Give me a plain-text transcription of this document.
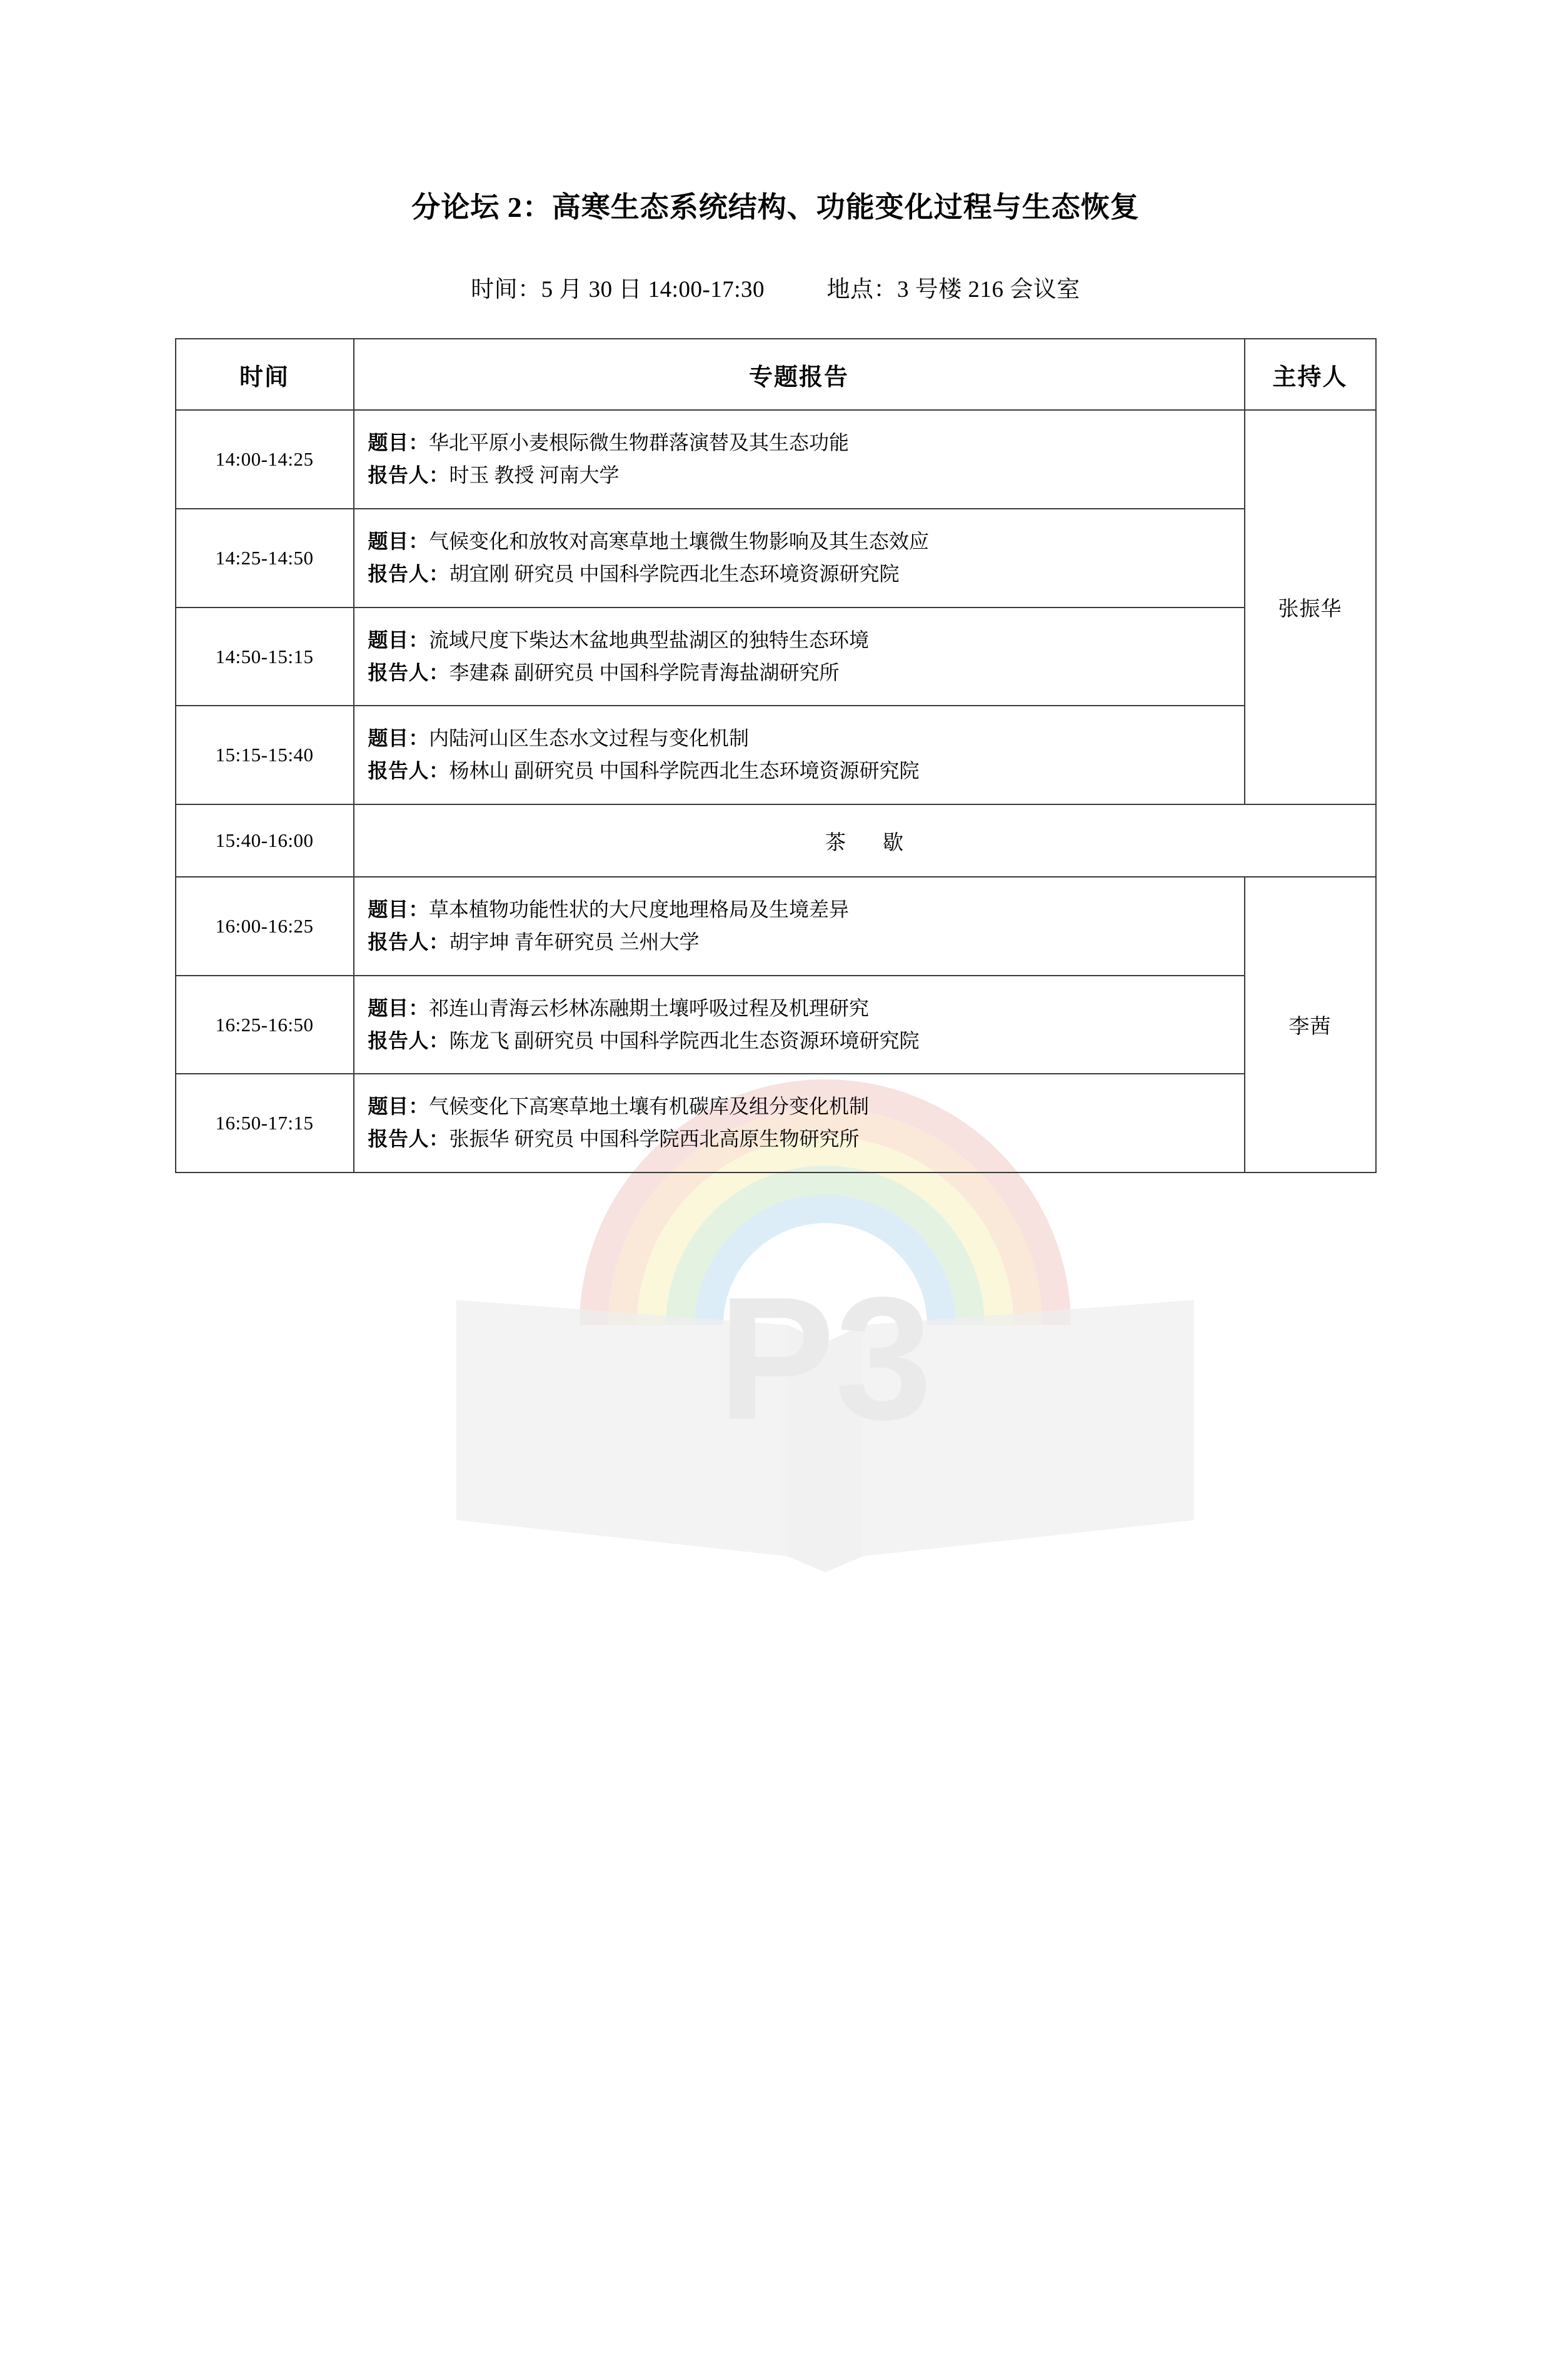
P3
分论坛 2：高寒生态系统结构、功能变化过程与生态恢复
时间：5 月 30 日 14:00-17:30	地点：3 号楼 216 会议室
时间	专题报告	主持人
14:00-14:25	题目：华北平原小麦根际微生物群落演替及其生态功能
报告人：时玉 教授 河南大学	张振华
14:25-14:50	题目：气候变化和放牧对高寒草地土壤微生物影响及其生态效应
报告人：胡宜刚 研究员 中国科学院西北生态环境资源研究院	

14:50-15:15	题目：流域尺度下柴达木盆地典型盐湖区的独特生态环境
报告人：李建森 副研究员 中国科学院青海盐湖研究所	

15:15-15:40	题目：内陆河山区生态水文过程与变化机制
报告人：杨林山 副研究员 中国科学院西北生态环境资源研究院	

15:40-16:00	茶 歇	
16:00-16:25	题目：草本植物功能性状的大尺度地理格局及生境差异
报告人：胡宇坤 青年研究员 兰州大学	李茜
16:25-16:50	题目：祁连山青海云杉林冻融期土壤呼吸过程及机理研究
报告人：陈龙飞 副研究员 中国科学院西北生态资源环境研究院	

16:50-17:15	题目：气候变化下高寒草地土壤有机碳库及组分变化机制
报告人：张振华 研究员 中国科学院西北高原生物研究所	
